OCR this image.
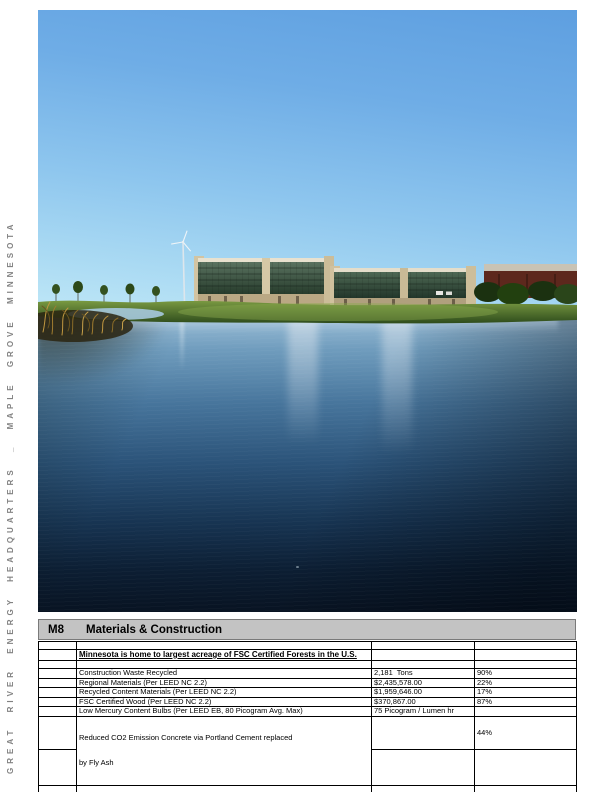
GREAT RIVER ENERGY HEADQUARTERS _ MAPLE GROVE MINNESOTA	M8 Materials & Construction

	Minnesota is home to largest acreage of FSC Certified Forests in the U.S.		

	Construction Waste Recycled	2,181  Tons	90%
	Regional Materials (Per LEED NC 2.2)	$2,435,578.00	22%
	Recycled Content Materials (Per LEED NC 2.2)	$1,959,646.00	17%
	FSC Certified Wood (Per LEED NC 2.2)	$370,867.00	87%
	Low Mercury Content Bulbs (Per LEED EB, 80 Picogram Avg. Max)	75 Picogram / Lumen hr	

	Reduced CO2 Emission Concrete via Portland Cement replaced

by Fly Ash		44%
